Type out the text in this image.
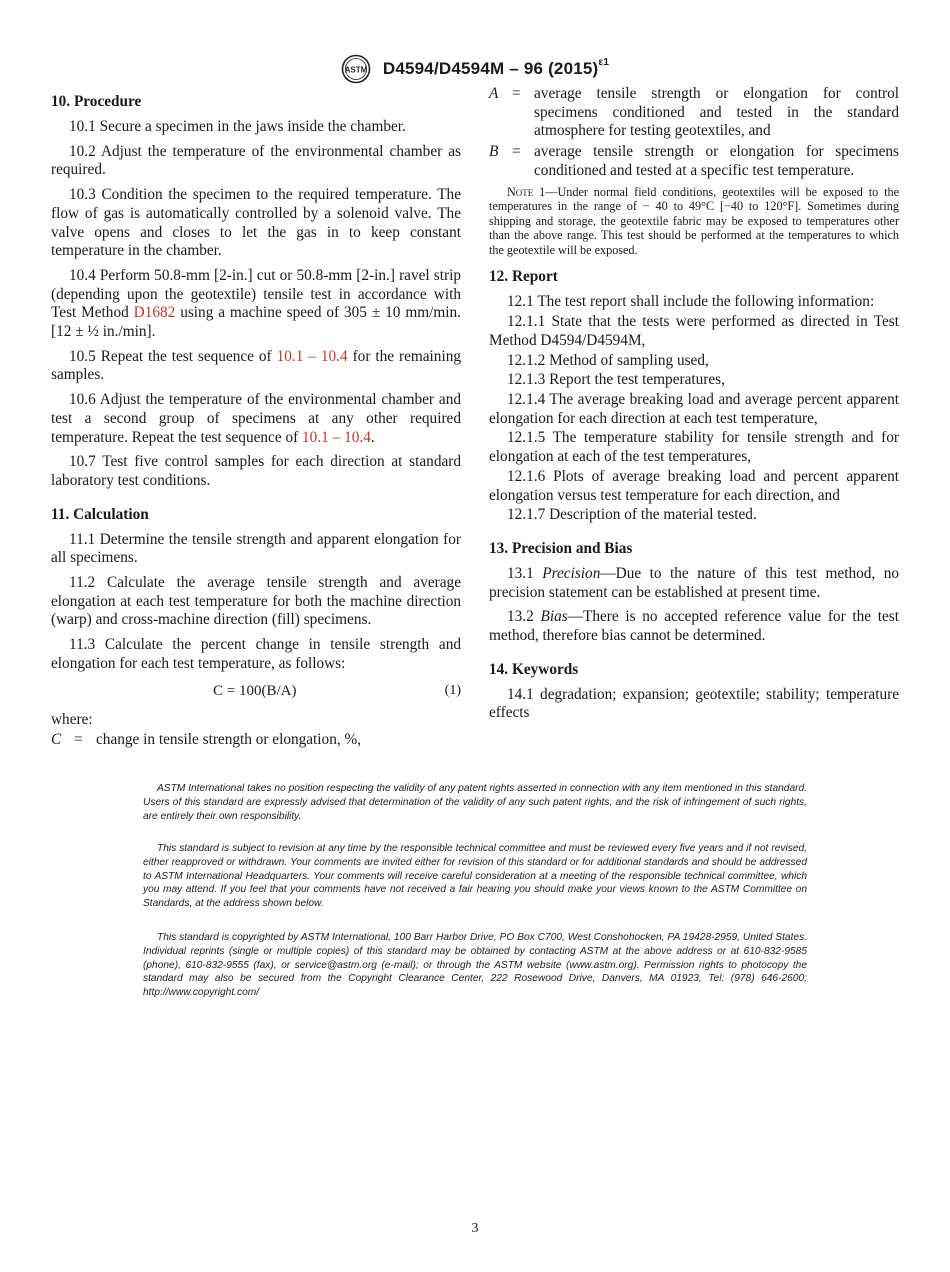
ASTM D4594/D4594M – 96 $(2015)^{\varepsilon 1}$
10. Procedure

10.1 Secure a specimen in the jaws inside the chamber.

10.2 Adjust the temperature of the environmental chamber as required.

10.3 Condition the specimen to the required temperature. The flow of gas is automatically controlled by a solenoid valve. The valve opens and closes to let the gas in to keep constant temperature in the chamber.

10.4 Perform 50.8-mm [2-in.] cut or 50.8-mm [2-in.] ravel strip (depending upon the geotextile) tensile test in accordance with Test Method D1682 using a machine speed of 305 ± 10 mm/min. [12 ± ½ in./min].

10.5 Repeat the test sequence of 10.1 – 10.4 for the remaining samples.

10.6 Adjust the temperature of the environmental chamber and test a second group of specimens at any other required temperature. Repeat the test sequence of 10.1 – 10.4.

10.7 Test five control samples for each direction at standard laboratory test conditions.

11. Calculation

11.1 Determine the tensile strength and apparent elongation for all specimens.

11.2 Calculate the average tensile strength and average elongation at each test temperature for both the machine direction (warp) and cross-machine direction (fill) specimens.

11.3 Calculate the percent change in tensile strength and elongation for each test temperature, as follows:

C = 100(B/A)	(1)
where:
C = change in tensile strength or elongation, %,
A = average tensile strength or elongation for control specimens conditioned and tested in the standard atmosphere for testing geotextiles, and
B = average tensile strength or elongation for specimens conditioned and tested at a specific test temperature.

Note 1—Under normal field conditions, geotextiles will be exposed to the temperatures in the range of − 40 to 49°C [−40 to 120°F]. Sometimes during shipping and storage, the geotextile fabric may be exposed to temperatures other than the above range. This test should be performed at the temperatures to which the geotextile will be exposed.

12. Report

12.1 The test report shall include the following information:

12.1.1 State that the tests were performed as directed in Test Method D4594/D4594M,

12.1.2 Method of sampling used,

12.1.3 Report the test temperatures,

12.1.4 The average breaking load and average percent apparent elongation for each direction at each test temperature,

12.1.5 The temperature stability for tensile strength and for elongation at each of the test temperatures,

12.1.6 Plots of average breaking load and percent apparent elongation versus test temperature for each direction, and

12.1.7 Description of the material tested.

13. Precision and Bias

13.1 Precision—Due to the nature of this test method, no precision statement can be established at present time.

13.2 Bias—There is no accepted reference value for the test method, therefore bias cannot be determined.

14. Keywords

14.1 degradation; expansion; geotextile; stability; temperature effects

ASTM International takes no position respecting the validity of any patent rights asserted in connection with any item mentioned in this standard. Users of this standard are expressly advised that determination of the validity of any such patent rights, and the risk of infringement of such rights, are entirely their own responsibility.

This standard is subject to revision at any time by the responsible technical committee and must be reviewed every five years and if not revised, either reapproved or withdrawn. Your comments are invited either for revision of this standard or for additional standards and should be addressed to ASTM International Headquarters. Your comments will receive careful consideration at a meeting of the responsible technical committee, which you may attend. If you feel that your comments have not received a fair hearing you should make your views known to the ASTM Committee on Standards, at the address shown below.

This standard is copyrighted by ASTM International, 100 Barr Harbor Drive, PO Box C700, West Conshohocken, PA 19428-2959, United States. Individual reprints (single or multiple copies) of this standard may be obtained by contacting ASTM at the above address or at 610-832-9585 (phone), 610-832-9555 (fax), or service@astm.org (e-mail); or through the ASTM website (www.astm.org). Permission rights to photocopy the standard may also be secured from the Copyright Clearance Center, 222 Rosewood Drive, Danvers, MA 01923, Tel: (978) 646-2600; http://www.copyright.com/

3
